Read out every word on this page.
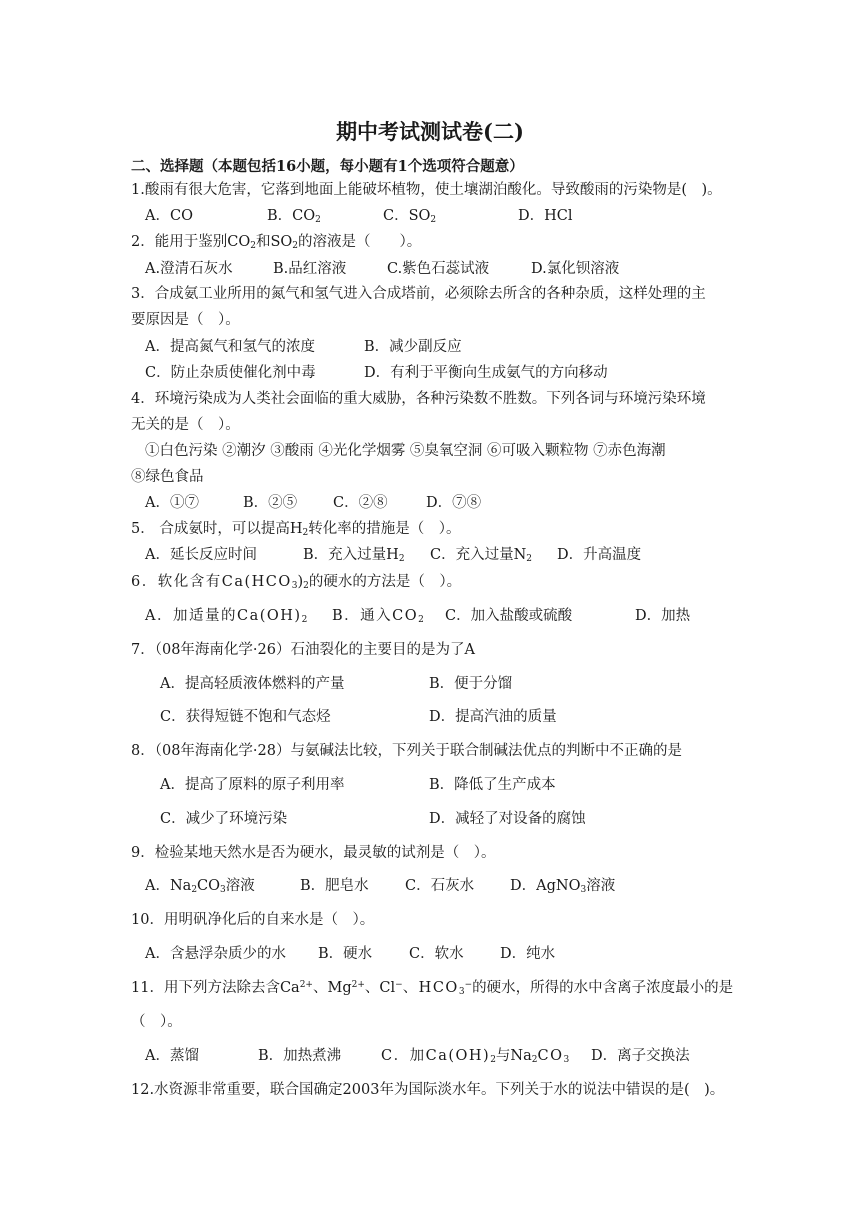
期中考试测试卷(二)
二、选择题（本题包括16小题，每小题有1个选项符合题意）
1.酸雨有很大危害，它落到地面上能破坏植物，使土壤湖泊酸化。导致酸雨的污染物是(　)。
A．CO	B．$CO_2$	C．$SO_2$	D．HCl
2．能用于鉴别$CO_2$和$SO_2$的溶液是（　　）。
A.澄清石灰水	B.品红溶液	C.紫色石蕊试液	D.氯化钡溶液
3．合成氨工业所用的氮气和氢气进入合成塔前，必须除去所含的各种杂质，这样处理的主
要原因是（　）。
A．提高氮气和氢气的浓度	B．减少副反应
C．防止杂质使催化剂中毒	D．有利于平衡向生成氨气的方向移动
4．环境污染成为人类社会面临的重大威胁，各种污染数不胜数。下列各词与环境污染环境
无关的是（　）。
①白色污染 ②潮汐 ③酸雨 ④光化学烟雾 ⑤臭氧空洞 ⑥可吸入颗粒物 ⑦赤色海潮
⑧绿色食品
A．①⑦	B．②⑤ C．②⑧	D．⑦⑧
5． 合成氨时，可以提高$H_2$转化率的措施是（　）。
A．延长反应时间	B．充入过量$H_2$ C．充入过量$N_2$ D．升高温度
6．软化含有$Ca(HCO_3)_2$的硬水的方法是（　）。
A．加适量的$Ca(OH)_2$ B．通入$CO_2$ C．加入盐酸或硫酸	D．加热
7．（08年海南化学·26）石油裂化的主要目的是为了A
A．提高轻质液体燃料的产量	B．便于分馏
C．获得短链不饱和气态烃	D．提高汽油的质量
8．（08年海南化学·28）与氨碱法比较，下列关于联合制碱法优点的判断中不正确的是
A．提高了原料的原子利用率	B．降低了生产成本
C．减少了环境污染	D．减轻了对设备的腐蚀
9．检验某地天然水是否为硬水，最灵敏的试剂是（　）。
A．$Na_2CO_3$溶液	B．肥皂水	C．石灰水 D．AgNO$_3$溶液
10．用明矾净化后的自来水是（　）。
A．含悬浮杂质少的水 B．硬水	C．软水	D．纯水
11．用下列方法除去含$Ca^{2+}$、$Mg^{2+}$、Cl−、$HCO_3^-$的硬水，所得的水中含离子浓度最小的是
（　）。
A．蒸馏	B．加热煮沸	C．加$Ca(OH)_2$与$Na_2CO_3$ D．离子交换法
12.水资源非常重要，联合国确定2003年为国际淡水年。下列关于水的说法中错误的是(　)。
